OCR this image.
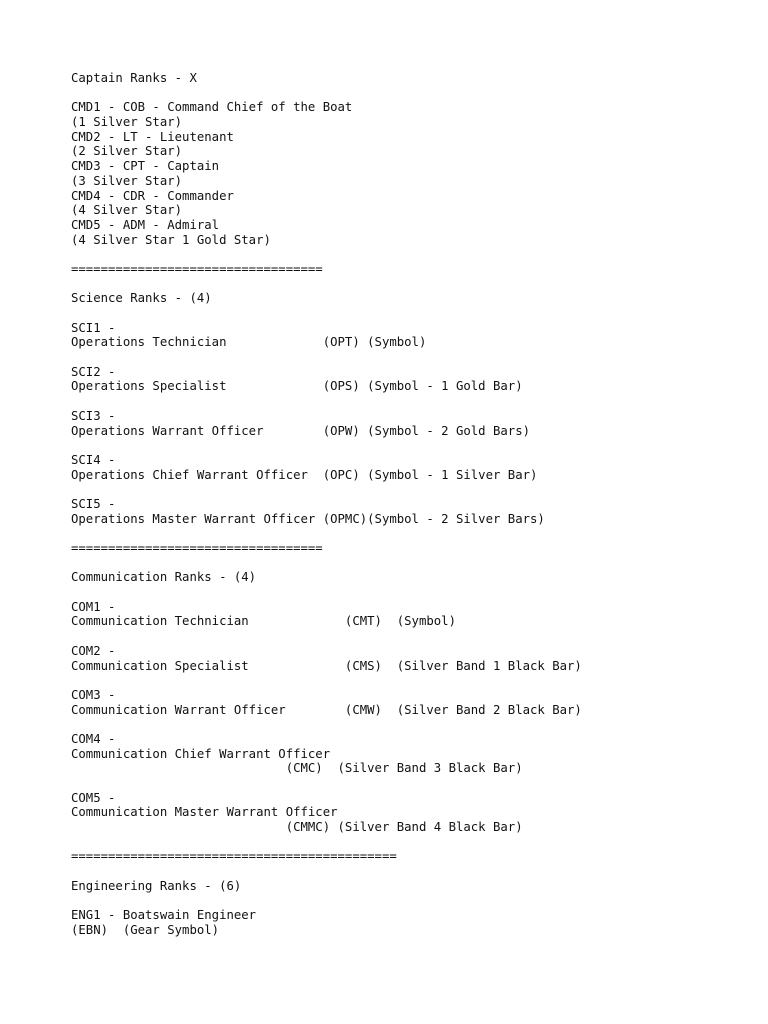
Captain Ranks - X
CMD1 - COB - Command Chief of the Boat
(1 Silver Star)
CMD2 - LT - Lieutenant
(2 Silver Star)
CMD3 - CPT - Captain
(3 Silver Star)
CMD4 - CDR - Commander
(4 Silver Star)
CMD5 - ADM - Admiral
(4 Silver Star 1 Gold Star)
==================================
Science Ranks - (4)
SCI1 -
Operations Technician             (OPT) (Symbol)
SCI2 -
Operations Specialist             (OPS) (Symbol - 1 Gold Bar)
SCI3 -
Operations Warrant Officer        (OPW) (Symbol - 2 Gold Bars)
SCI4 -
Operations Chief Warrant Officer  (OPC) (Symbol - 1 Silver Bar)
SCI5 -
Operations Master Warrant Officer (OPMC)(Symbol - 2 Silver Bars)
==================================
Communication Ranks - (4)
COM1 -
Communication Technician             (CMT)  (Symbol)
COM2 -
Communication Specialist             (CMS)  (Silver Band 1 Black Bar)
COM3 -
Communication Warrant Officer        (CMW)  (Silver Band 2 Black Bar)
COM4 -
Communication Chief Warrant Officer
(CMC)  (Silver Band 3 Black Bar)
COM5 -
Communication Master Warrant Officer
(CMMC) (Silver Band 4 Black Bar)
============================================
Engineering Ranks - (6)
ENG1 - Boatswain Engineer
(EBN)  (Gear Symbol)
